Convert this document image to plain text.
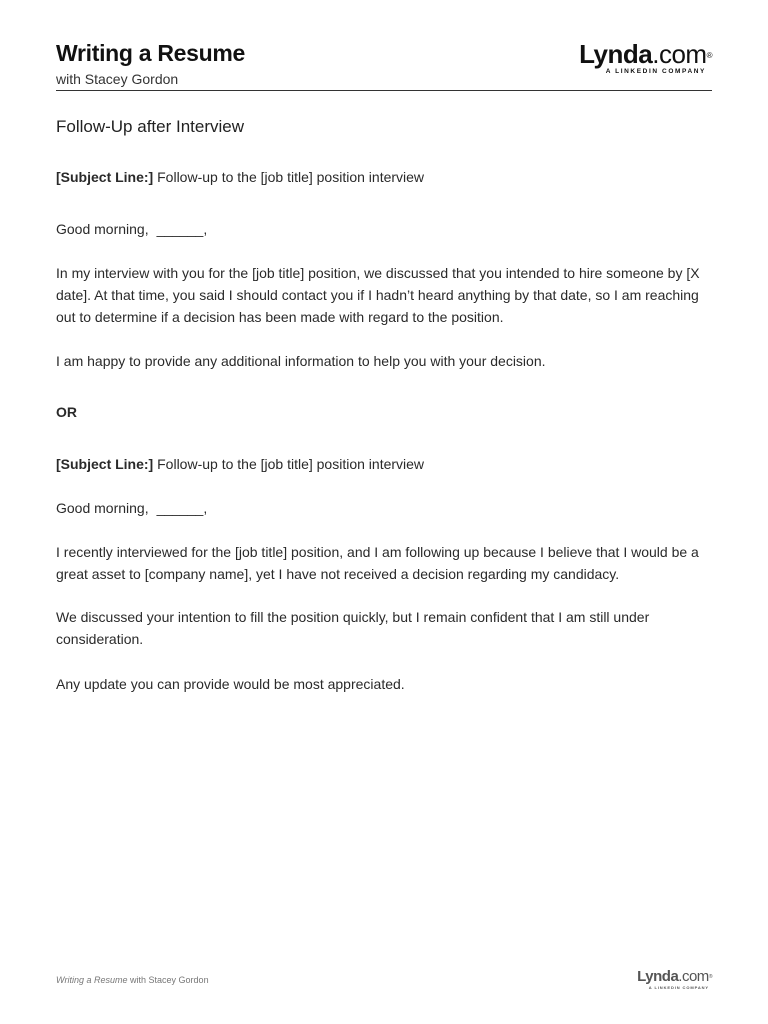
Writing a Resume
with Stacey Gordon
Lynda.com®
A LINKEDIN COMPANY
Follow-Up after Interview
[Subject Line:] Follow-up to the [job title] position interview
Good morning, ______,
In my interview with you for the [job title] position, we discussed that you intended to hire someone by [X date]. At that time, you said I should contact you if I hadn’t heard anything by that date, so I am reaching out to determine if a decision has been made with regard to the position.
I am happy to provide any additional information to help you with your decision.
OR
[Subject Line:] Follow-up to the [job title] position interview
Good morning, ______,
I recently interviewed for the [job title] position, and I am following up because I believe that I would be a great asset to [company name], yet I have not received a decision regarding my candidacy.
We discussed your intention to fill the position quickly, but I remain confident that I am still under consideration.
Any update you can provide would be most appreciated.
Writing a Resume with Stacey Gordon	Lynda.com®
A LINKEDIN COMPANY
